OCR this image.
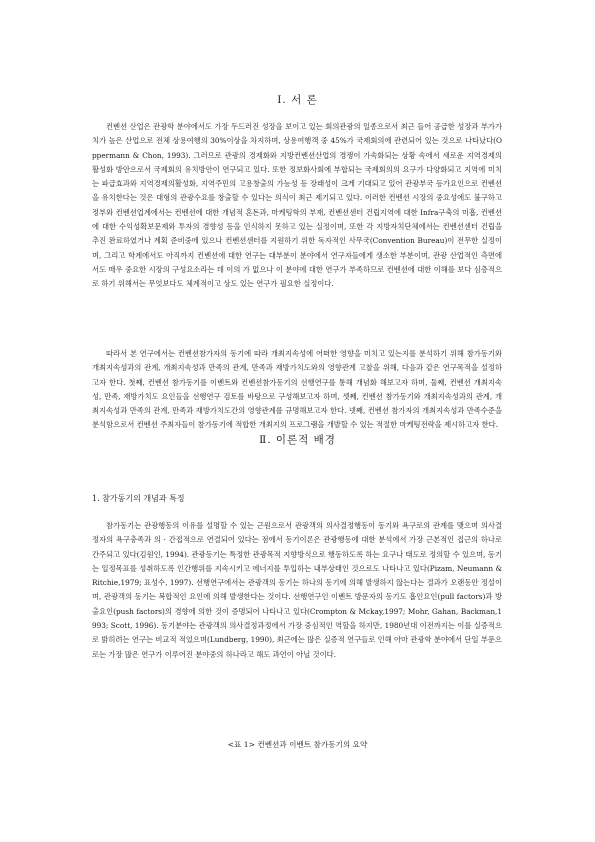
Ⅰ. 서 론

컨벤션 산업은 관광학 분야에서도 가장 두드러진 성장을 보이고 있는 회의관광의 일종으로서 최근 들어 공급한 성장과 부가가치가 높은 산업으로 전체 상용여행의 30%이상을 차지하며, 상용여행객 중 45%가 국제회의에 관련되어 있는 것으로 나타났다(Oppermann & Chon, 1993). 그러므로 관광의 경제화와 지방컨벤션산업의 경쟁이 가속화되는 상황 속에서 새로운 지역경제의 활성화 방안으로서 국제회의 유치방안이 연구되고 있다. 또한 정보화사회에 부합되는 국제회의의 요구가 다양화되고 지역에 미치는 파급효과와 지역경제의활성화, 지역주민의 고용창출의 가능성 등 장래성이 크게 기대되고 있어 관광부국 등가요인으로 컨벤션을 유치한다는 것은 대형의 관광수요를 창출할 수 있다는 의식이 최근 제기되고 있다. 이러한 컨벤션 시장의 중요성에도 불구하고 정부와 컨벤션업계에서는 컨벤션에 대한 개념적 혼돈과, 마케팅학의 부재, 컨벤션센터 건립지역에 대한 Infra구축의 미흡, 컨벤션에 대한 수익성확보문제와 투자의 경향성 등을 인식하지 못하고 있는 실정이며, 또한 각 지방자치단체에서는 컨벤션센터 건립을 추진 완료하였거나 계획 준비중에 있으나 컨벤션센터를 지원하기 위한 독자적인 사무국(Convention Bureau)이 전무한 실정이며, 그리고 학계에서도 아직까지 컨벤션에 대한 연구는 대부분이 분야에서 연구자들에게 생소한 부분이며, 관광 산업적인 측면에서도 매우 중요한 시장의 구성요소라는 데 이의 가 없으나 이 분야에 대한 연구가 부족하므로 컨벤션에 대한 이해를 보다 심층적으로 하기 위해서는 무엇보다도 체계적이고 상도 있는 연구가 필요한 실정이다.

따라서 본 연구에서는 컨벤션참가자의 동기에 따라 개최지속성에 어떠한 영향을 미치고 있는지를 분석하기 위해 참가동기와 개최지속성과의 관계, 개최지속성과 만족의 관계, 만족과 재방가치도와의 영향관계 고찰을 위해, 다음과 같은 연구목적을 설정하고자 한다. 첫째, 컨벤션 참가동기를 이벤트와 컨벤션참가동기의 선행연구를 통해 개념화 해보고자 하며, 둘째, 컨벤션 개최지속성, 만족, 재방가치도 요인들을 선행연구 검토를 바탕으로 구성해보고자 하며, 셋째, 컨벤션 참가동기와 개최지속성과의 관계, 개최지속성과 만족의 관계, 만족과 재방가치도간의 영향관계를 규명해보고자 한다. 넷째, 컨벤션 참가자의 개최지속성과 만족수준을 분석함으로서 컨벤션 주최자들이 참가동기에 적합한 개최지의 프로그램을 개발할 수 있는 적절한 마케팅전략을 제시하고자 한다.

Ⅱ. 이론적 배경
1. 참가동기의 개념과 특징

참가동기는 관광행동의 이유를 설명할 수 있는 근원으로서 관광객의 의사결정행동이 동기와 욕구로의 관계를 맺으며 의사결정자의 욕구충족과 의 · 간접적으로 연결되어 있다는 점에서 동기이론은 관광행동에 대한 분석에서 가장 근본적인 접근의 하나로 간주되고 있다(김원인, 1994). 관광동기는 특정한 관광목적 지향방식으로 행동하도록 하는 요구나 태도로 정의할 수 있으며, 동기는 일정목표를 성취하도록 인간행위를 지속시키고 에너지를 투입하는 내부상태인 것으로도 나타나고 있다(Pizam, Neumann & Ritchie,1979; 표성수, 1997). 선행연구에서는 관광객의 동기는 하나의 동기에 의해 발생하지 않는다는 결과가 오랜동안 정설이며, 관광객의 동기는 복합적인 요인에 의해 발생한다는 것이다. 선행연구인 이벤트 방문자의 동기도 흡인요인(pull factors)과 방출요인(push factors)의 경향에 의한 것이 증명되어 나타나고 있다(Crompton & Mckay,1997; Mohr, Gahan, Backman,1993; Scott, 1996). 동기분야는 관광객의 의사결정과정에서 가장 중심적인 역할을 하지만, 1980년대 이전까지는 이를 실증적으로 밝히려는 연구는 비교적 적었으며(Lundberg, 1990), 최근에는 많은 실증적 연구들로 인해 아마 관광학 분야에서 단일 부문으로는 가장 많은 연구가 이루어진 분야중의 하나라고 해도 과언이 아닐 것이다.

<표 1> 컨벤션과 이벤트 참가동기의 요약
